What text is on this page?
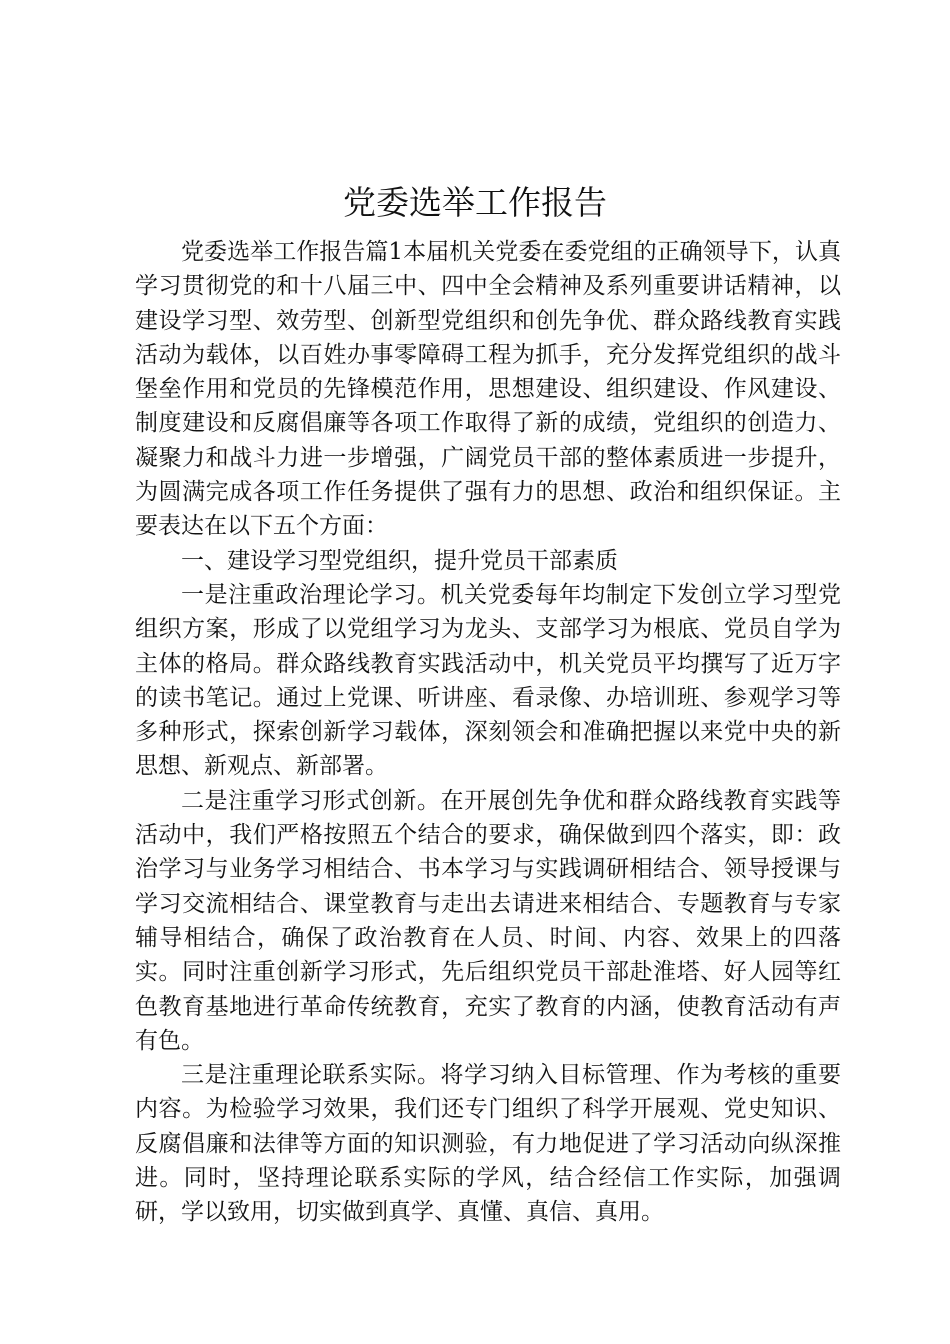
党委选举工作报告

党委选举工作报告篇1本届机关党委在委党组的正确领导下，认真学习贯彻党的和十八届三中、四中全会精神及系列重要讲话精神，以建设学习型、效劳型、创新型党组织和创先争优、群众路线教育实践活动为载体，以百姓办事零障碍工程为抓手，充分发挥党组织的战斗堡垒作用和党员的先锋模范作用，思想建设、组织建设、作风建设、制度建设和反腐倡廉等各项工作取得了新的成绩，党组织的创造力、凝聚力和战斗力进一步增强，广阔党员干部的整体素质进一步提升，为圆满完成各项工作任务提供了强有力的思想、政治和组织保证。主要表达在以下五个方面：

一、建设学习型党组织，提升党员干部素质

一是注重政治理论学习。机关党委每年均制定下发创立学习型党组织方案，形成了以党组学习为龙头、支部学习为根底、党员自学为主体的格局。群众路线教育实践活动中，机关党员平均撰写了近万字的读书笔记。通过上党课、听讲座、看录像、办培训班、参观学习等多种形式，探索创新学习载体，深刻领会和准确把握以来党中央的新思想、新观点、新部署。

二是注重学习形式创新。在开展创先争优和群众路线教育实践等活动中，我们严格按照五个结合的要求，确保做到四个落实，即：政治学习与业务学习相结合、书本学习与实践调研相结合、领导授课与学习交流相结合、课堂教育与走出去请进来相结合、专题教育与专家辅导相结合，确保了政治教育在人员、时间、内容、效果上的四落实。同时注重创新学习形式，先后组织党员干部赴淮塔、好人园等红色教育基地进行革命传统教育，充实了教育的内涵，使教育活动有声有色。

三是注重理论联系实际。将学习纳入目标管理、作为考核的重要内容。为检验学习效果，我们还专门组织了科学开展观、党史知识、反腐倡廉和法律等方面的知识测验，有力地促进了学习活动向纵深推进。同时，坚持理论联系实际的学风，结合经信工作实际，加强调研，学以致用，切实做到真学、真懂、真信、真用。
